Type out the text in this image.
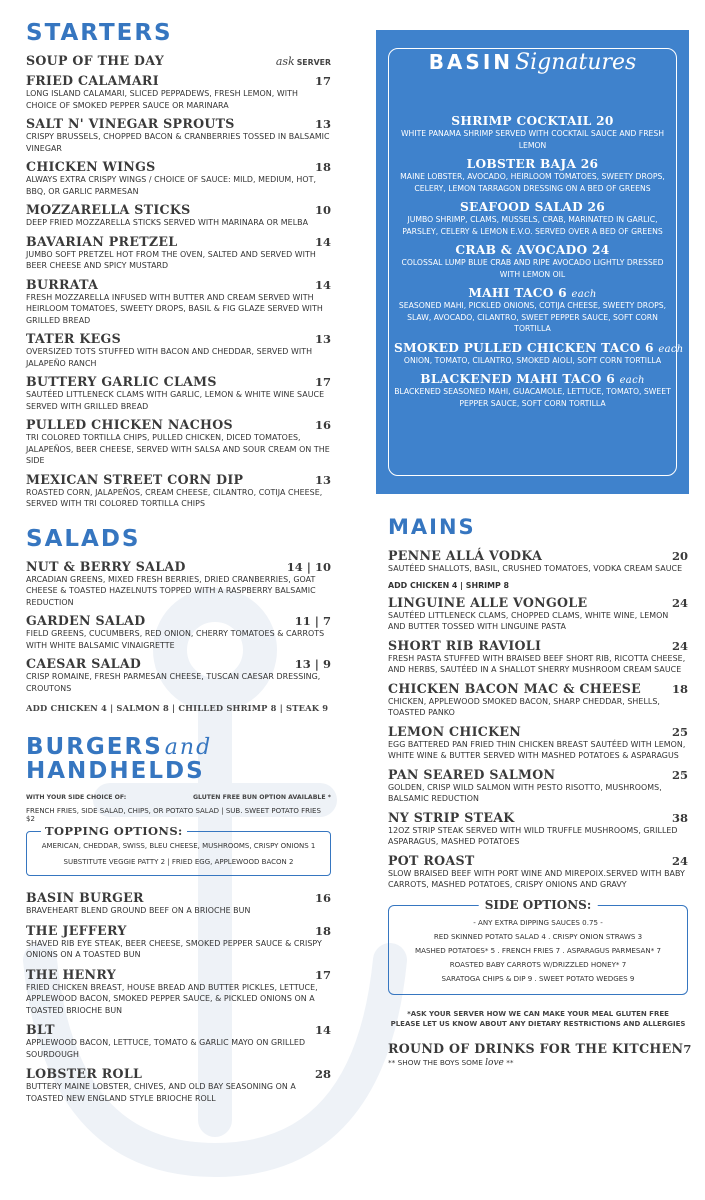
STARTERS
SOUP OF THE DAY	ask SERVER
FRIED CALAMARI	17
LONG ISLAND CALAMARI, SLICED PEPPADEWS, FRESH LEMON, WITH CHOICE OF SMOKED PEPPER SAUCE OR MARINARA
SALT N' VINEGAR SPROUTS	13
CRISPY BRUSSELS, CHOPPED BACON & CRANBERRIES TOSSED IN BALSAMIC VINEGAR
CHICKEN WINGS	18
ALWAYS EXTRA CRISPY WINGS / CHOICE OF SAUCE: MILD, MEDIUM, HOT, BBQ, OR GARLIC PARMESAN
MOZZARELLA STICKS	10
DEEP FRIED MOZZARELLA STICKS SERVED WITH MARINARA OR MELBA
BAVARIAN PRETZEL	14
JUMBO SOFT PRETZEL HOT FROM THE OVEN, SALTED AND SERVED WITH BEER CHEESE AND SPICY MUSTARD
BURRATA	14
FRESH MOZZARELLA INFUSED WITH BUTTER AND CREAM SERVED WITH HEIRLOOM TOMATOES, SWEETY DROPS, BASIL & FIG GLAZE SERVED WITH GRILLED BREAD
TATER KEGS	13
OVERSIZED TOTS STUFFED WITH BACON AND CHEDDAR, SERVED WITH JALAPEÑO RANCH
BUTTERY GARLIC CLAMS	17
SAUTÉED LITTLENECK CLAMS WITH GARLIC, LEMON & WHITE WINE SAUCE SERVED WITH GRILLED BREAD
PULLED CHICKEN NACHOS	16
TRI COLORED TORTILLA CHIPS, PULLED CHICKEN, DICED TOMATOES, JALAPEÑOS, BEER CHEESE, SERVED WITH SALSA AND SOUR CREAM ON THE SIDE
MEXICAN STREET CORN DIP	13
ROASTED CORN, JALAPEÑOS, CREAM CHEESE, CILANTRO, COTIJA CHEESE, SERVED WITH TRI COLORED TORTILLA CHIPS
SALADS
NUT & BERRY SALAD	14 | 10
ARCADIAN GREENS, MIXED FRESH BERRIES, DRIED CRANBERRIES, GOAT CHEESE & TOASTED HAZELNUTS TOPPED WITH A RASPBERRY BALSAMIC REDUCTION
GARDEN SALAD	11 | 7
FIELD GREENS, CUCUMBERS, RED ONION, CHERRY TOMATOES & CARROTS WITH WHITE BALSAMIC VINAIGRETTE
CAESAR SALAD	13 | 9
CRISP ROMAINE, FRESH PARMESAN CHEESE, TUSCAN CAESAR DRESSING, CROUTONS
ADD CHICKEN 4 | SALMON 8 | CHILLED SHRIMP 8 | STEAK 9
BURGERSand
HANDHELDS
WITH YOUR SIDE CHOICE OF:	GLUTEN FREE BUN OPTION AVAILABLE *
FRENCH FRIES, SIDE SALAD, CHIPS, OR POTATO SALAD | SUB. SWEET POTATO FRIES $2
TOPPING OPTIONS:
AMERICAN, CHEDDAR, SWISS, BLEU CHEESE, MUSHROOMS, CRISPY ONIONS 1
SUBSTITUTE VEGGIE PATTY 2 | FRIED EGG, APPLEWOOD BACON 2
BASIN BURGER	16
BRAVEHEART BLEND GROUND BEEF ON A BRIOCHE BUN
THE JEFFERY	18
SHAVED RIB EYE STEAK, BEER CHEESE, SMOKED PEPPER SAUCE & CRISPY ONIONS ON A TOASTED BUN
THE HENRY	17
FRIED CHICKEN BREAST, HOUSE BREAD AND BUTTER PICKLES, LETTUCE, APPLEWOOD BACON, SMOKED PEPPER SAUCE, & PICKLED ONIONS ON A TOASTED BRIOCHE BUN
BLT	14
APPLEWOOD BACON, LETTUCE, TOMATO & GARLIC MAYO ON GRILLED SOURDOUGH
LOBSTER ROLL	28
BUTTERY MAINE LOBSTER, CHIVES, AND OLD BAY SEASONING ON A TOASTED NEW ENGLAND STYLE BRIOCHE ROLL
BASINSignatures
SHRIMP COCKTAIL 20
WHITE PANAMA SHRIMP SERVED WITH COCKTAIL SAUCE AND FRESH LEMON
LOBSTER BAJA 26
MAINE LOBSTER, AVOCADO, HEIRLOOM TOMATOES, SWEETY DROPS, CELERY, LEMON TARRAGON DRESSING ON A BED OF GREENS
SEAFOOD SALAD 26
JUMBO SHRIMP, CLAMS, MUSSELS, CRAB, MARINATED IN GARLIC, PARSLEY, CELERY & LEMON E.V.O. SERVED OVER A BED OF GREENS
CRAB & AVOCADO 24
COLOSSAL LUMP BLUE CRAB AND RIPE AVOCADO LIGHTLY DRESSED WITH LEMON OIL
MAHI TACO 6 each
SEASONED MAHI, PICKLED ONIONS, COTIJA CHEESE, SWEETY DROPS, SLAW, AVOCADO, CILANTRO, SWEET PEPPER SAUCE, SOFT CORN TORTILLA
SMOKED PULLED CHICKEN TACO 6 each
ONION, TOMATO, CILANTRO, SMOKED AIOLI, SOFT CORN TORTILLA
BLACKENED MAHI TACO 6 each
BLACKENED SEASONED MAHI, GUACAMOLE, LETTUCE, TOMATO, SWEET PEPPER SAUCE, SOFT CORN TORTILLA
MAINS
PENNE ALLÁ VODKA	20
SAUTÉED SHALLOTS, BASIL, CRUSHED TOMATOES, VODKA CREAM SAUCE
ADD CHICKEN 4 | SHRIMP 8
LINGUINE ALLE VONGOLE	24
SAUTÉED LITTLENECK CLAMS, CHOPPED CLAMS, WHITE WINE, LEMON AND BUTTER TOSSED WITH LINGUINE PASTA
SHORT RIB RAVIOLI	24
FRESH PASTA STUFFED WITH BRAISED BEEF SHORT RIB, RICOTTA CHEESE, AND HERBS, SAUTÉED IN A SHALLOT SHERRY MUSHROOM CREAM SAUCE
CHICKEN BACON MAC & CHEESE	18
CHICKEN, APPLEWOOD SMOKED BACON, SHARP CHEDDAR, SHELLS, TOASTED PANKO
LEMON CHICKEN	25
EGG BATTERED PAN FRIED THIN CHICKEN BREAST SAUTÉED WITH LEMON, WHITE WINE & BUTTER SERVED WITH MASHED POTATOES & ASPARAGUS
PAN SEARED SALMON	25
GOLDEN, CRISP WILD SALMON WITH PESTO RISOTTO, MUSHROOMS, BALSAMIC REDUCTION
NY STRIP STEAK	38
12OZ STRIP STEAK SERVED WITH WILD TRUFFLE MUSHROOMS, GRILLED ASPARAGUS, MASHED POTATOES
POT ROAST	24
SLOW BRAISED BEEF WITH PORT WINE AND MIREPOIX.SERVED WITH BABY CARROTS, MASHED POTATOES, CRISPY ONIONS AND GRAVY
SIDE OPTIONS:
- ANY EXTRA DIPPING SAUCES 0.75 -
RED SKINNED POTATO SALAD 4 . CRISPY ONION STRAWS 3
MASHED POTATOES* 5 . FRENCH FRIES 7 . ASPARAGUS PARMESAN* 7
ROASTED BABY CARROTS W/DRIZZLED HONEY* 7
SARATOGA CHIPS & DIP 9 . SWEET POTATO WEDGES 9
*ASK YOUR SERVER HOW WE CAN MAKE YOUR MEAL GLUTEN FREE
PLEASE LET US KNOW ABOUT ANY DIETARY RESTRICTIONS AND ALLERGIES
ROUND OF DRINKS FOR THE KITCHEN 7
** SHOW THE BOYS SOME love **
